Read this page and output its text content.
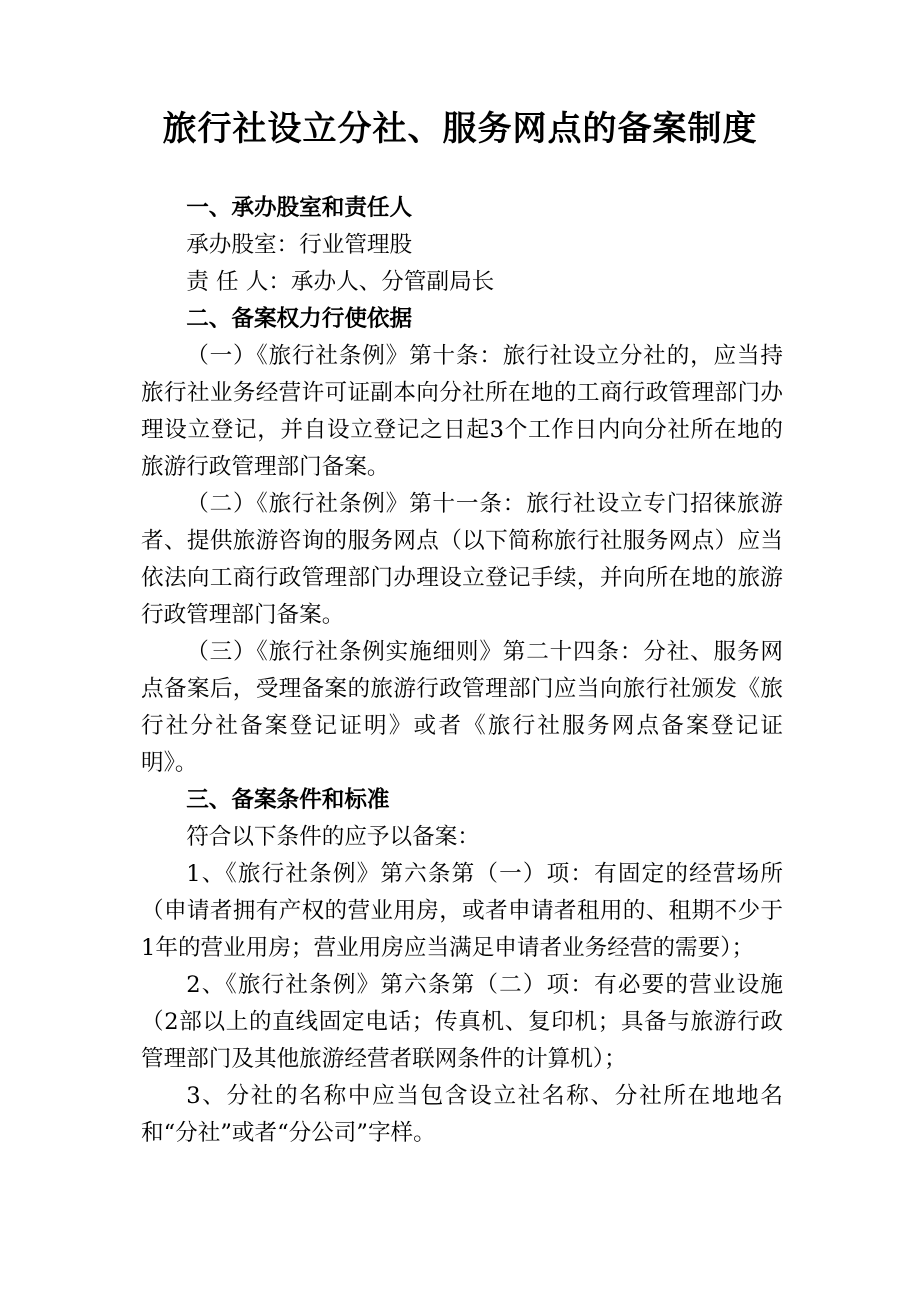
旅行社设立分社、服务网点的备案制度

一、承办股室和责任人

承办股室：行业管理股

责 任 人：承办人、分管副局长

二、备案权力行使依据

（一）《旅行社条例》第十条：旅行社设立分社的，应当持旅行社业务经营许可证副本向分社所在地的工商行政管理部门办理设立登记，并自设立登记之日起3个工作日内向分社所在地的旅游行政管理部门备案。

（二）《旅行社条例》第十一条：旅行社设立专门招徕旅游者、提供旅游咨询的服务网点（以下简称旅行社服务网点）应当依法向工商行政管理部门办理设立登记手续，并向所在地的旅游行政管理部门备案。

（三）《旅行社条例实施细则》第二十四条：分社、服务网点备案后，受理备案的旅游行政管理部门应当向旅行社颁发《旅行社分社备案登记证明》或者《旅行社服务网点备案登记证明》。

三、备案条件和标准

符合以下条件的应予以备案：

1、《旅行社条例》第六条第（一）项：有固定的经营场所（申请者拥有产权的营业用房，或者申请者租用的、租期不少于1年的营业用房；营业用房应当满足申请者业务经营的需要）；

2、《旅行社条例》第六条第（二）项：有必要的营业设施（2部以上的直线固定电话；传真机、复印机；具备与旅游行政管理部门及其他旅游经营者联网条件的计算机）；

3、分社的名称中应当包含设立社名称、分社所在地地名和“分社”或者“分公司”字样。
